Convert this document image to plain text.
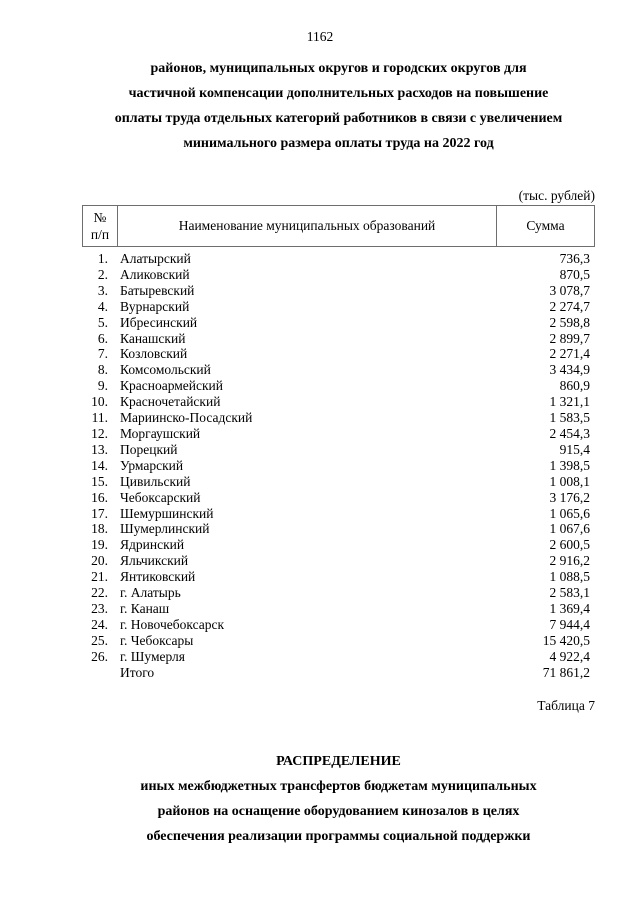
1162
районов, муниципальных округов и городских округов для
частичной компенсации дополнительных расходов на повышение
оплаты труда отдельных категорий работников в связи с увеличением
минимального размера оплаты труда на 2022 год
(тыс. рублей)
№
п/п
Наименование муниципальных образований	Сумма
1. Алатырский	736,3
2. Аликовский	870,5
3. Батыревский	3 078,7
4. Вурнарский	2 274,7
5. Ибресинский	2 598,8
6. Канашский	2 899,7
7. Козловский	2 271,4
8. Комсомольский	3 434,9
9. Красноармейский	860,9
10. Красночетайский	1 321,1
11. Мариинско-Посадский	1 583,5
12. Моргаушский	2 454,3
13. Порецкий	915,4
14. Урмарский	1 398,5
15. Цивильский	1 008,1
16. Чебоксарский	3 176,2
17. Шемуршинский	1 065,6
18. Шумерлинский	1 067,6
19. Ядринский	2 600,5
20. Яльчикский	2 916,2
21. Янтиковский	1 088,5
22. г. Алатырь	2 583,1
23. г. Канаш	1 369,4
24. г. Новочебоксарск	7 944,4
25. г. Чебоксары	15 420,5
26. г. Шумерля	4 922,4
Итого	71 861,2
Таблица 7
РАСПРЕДЕЛЕНИЕ
иных межбюджетных трансфертов бюджетам муниципальных
районов на оснащение оборудованием кинозалов в целях
обеспечения реализации программы социальной поддержки
